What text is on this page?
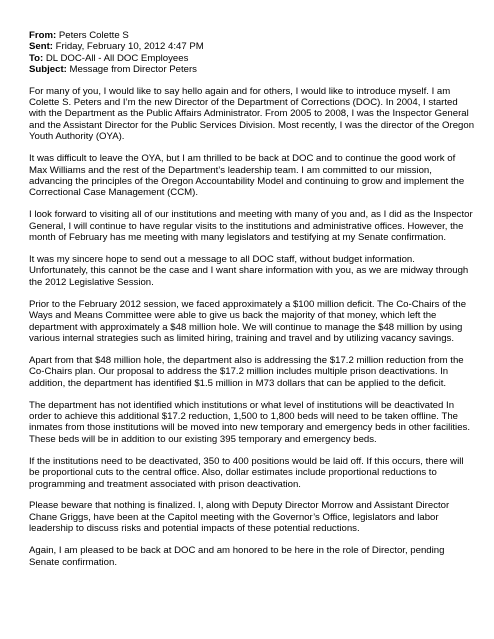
From: Peters Colette S
Sent: Friday, February 10, 2012 4:47 PM
To: DL DOC-All - All DOC Employees
Subject: Message from Director Peters

For many of you, I would like to say hello again and for others, I would like to introduce myself. I am Colette S. Peters and I’m the new Director of the Department of Corrections (DOC). In 2004, I started with the Department as the Public Affairs Administrator. From 2005 to 2008, I was the Inspector General and the Assistant Director for the Public Services Division. Most recently, I was the director of the Oregon Youth Authority (OYA).

It was difficult to leave the OYA, but I am thrilled to be back at DOC and to continue the good work of Max Williams and the rest of the Department’s leadership team. I am committed to our mission, advancing the principles of the Oregon Accountability Model and continuing to grow and implement the Correctional Case Management (CCM).

I look forward to visiting all of our institutions and meeting with many of you and, as I did as the Inspector General, I will continue to have regular visits to the institutions and administrative offices. However, the month of February has me meeting with many legislators and testifying at my Senate confirmation.

It was my sincere hope to send out a message to all DOC staff, without budget information. Unfortunately, this cannot be the case and I want share information with you, as we are midway through the 2012 Legislative Session.

Prior to the February 2012 session, we faced approximately a $100 million deficit. The Co-Chairs of the Ways and Means Committee were able to give us back the majority of that money, which left the department with approximately a $48 million hole. We will continue to manage the $48 million by using various internal strategies such as limited hiring, training and travel and by utilizing vacancy savings.

Apart from that $48 million hole, the department also is addressing the $17.2 million reduction from the Co-Chairs plan. Our proposal to address the $17.2 million includes multiple prison deactivations. In addition, the department has identified $1.5 million in M73 dollars that can be applied to the deficit.

The department has not identified which institutions or what level of institutions will be deactivated In order to achieve this additional $17.2 reduction, 1,500 to 1,800 beds will need to be taken offline. The inmates from those institutions will be moved into new temporary and emergency beds in other facilities. These beds will be in addition to our existing 395 temporary and emergency beds.

If the institutions need to be deactivated, 350 to 400 positions would be laid off. If this occurs, there will be proportional cuts to the central office. Also, dollar estimates include proportional reductions to programming and treatment associated with prison deactivation.

Please beware that nothing is finalized. I, along with Deputy Director Morrow and Assistant Director Chane Griggs, have been at the Capitol meeting with the Governor’s Office, legislators and labor leadership to discuss risks and potential impacts of these potential reductions.

Again, I am pleased to be back at DOC and am honored to be here in the role of Director, pending Senate confirmation.
